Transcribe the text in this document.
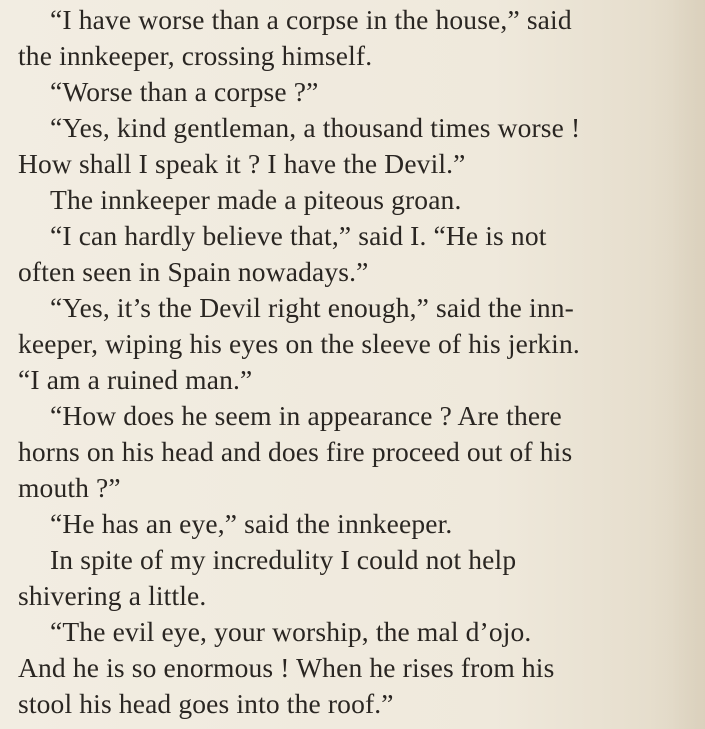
“I have worse than a corpse in the house,” said
the innkeeper, crossing himself.
“Worse than a corpse ?”
“Yes, kind gentleman, a thousand times worse !
How shall I speak it ? I have the Devil.”
The innkeeper made a piteous groan.
“I can hardly believe that,” said I. “He is not
often seen in Spain nowadays.”
“Yes, it’s the Devil right enough,” said the inn-
keeper, wiping his eyes on the sleeve of his jerkin.
“I am a ruined man.”
“How does he seem in appearance ? Are there
horns on his head and does fire proceed out of his
mouth ?”
“He has an eye,” said the innkeeper.
In spite of my incredulity I could not help
shivering a little.
“The evil eye, your worship, the mal d’ojo.
And he is so enormous ! When he rises from his
stool his head goes into the roof.”
